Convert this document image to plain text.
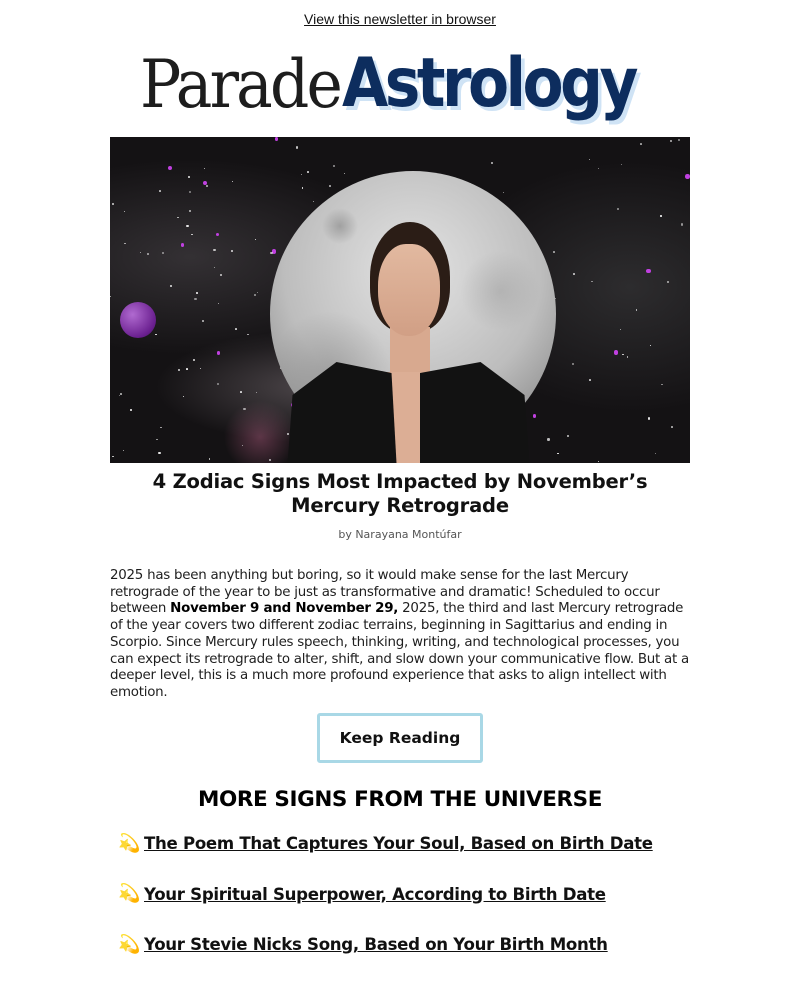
View this newsletter in browser
Parade Astrology
4 Zodiac Signs Most Impacted by November’s Mercury Retrograde
by Narayana Montúfar

2025 has been anything but boring, so it would make sense for the last Mercury retrograde of the year to be just as transformative and dramatic! Scheduled to occur between November 9 and November 29, 2025, the third and last Mercury retrograde of the year covers two different zodiac terrains, beginning in Sagittarius and ending in Scorpio. Since Mercury rules speech, thinking, writing, and technological processes, you can expect its retrograde to alter, shift, and slow down your communicative flow. But at a deeper level, this is a much more profound experience that asks to align intellect with emotion.

Keep Reading
MORE SIGNS FROM THE UNIVERSE
💫 The Poem That Captures Your Soul, Based on Birth Date
💫 Your Spiritual Superpower, According to Birth Date
💫 Your Stevie Nicks Song, Based on Your Birth Month
